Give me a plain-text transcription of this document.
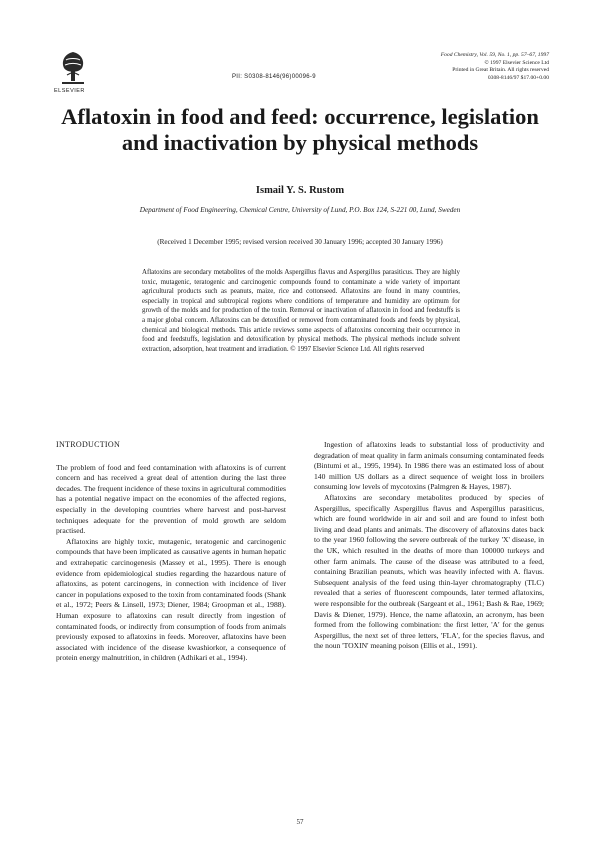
ELSEVIER
PII: S0308-8146(96)00096-9
Food Chemistry, Vol. 59, No. 1, pp. 57–67, 1997
© 1997 Elsevier Science Ltd
Printed in Great Britain. All rights reserved
0308-8146/97 $17.00+0.00
Aflatoxin in food and feed: occurrence, legislation and inactivation by physical methods
Ismail Y. S. Rustom
Department of Food Engineering, Chemical Centre, University of Lund, P.O. Box 124, S-221 00, Lund, Sweden
(Received 1 December 1995; revised version received 30 January 1996; accepted 30 January 1996)
Aflatoxins are secondary metabolites of the molds Aspergillus flavus and Aspergillus parasiticus. They are highly toxic, mutagenic, teratogenic and carcinogenic compounds found to contaminate a wide variety of important agricultural products such as peanuts, maize, rice and cottonseed. Aflatoxins are found in many countries, especially in tropical and subtropical regions where conditions of temperature and humidity are optimum for growth of the molds and for production of the toxin. Removal or inactivation of aflatoxin in food and feedstuffs is a major global concern. Aflatoxins can be detoxified or removed from contaminated foods and feeds by physical, chemical and biological methods. This article reviews some aspects of aflatoxins concerning their occurrence in food and feedstuffs, legislation and detoxification by physical methods. The physical methods include solvent extraction, adsorption, heat treatment and irradiation. © 1997 Elsevier Science Ltd. All rights reserved
INTRODUCTION

The problem of food and feed contamination with aflatoxins is of current concern and has received a great deal of attention during the last three decades. The frequent incidence of these toxins in agricultural commodities has a potential negative impact on the economies of the affected regions, especially in the developing countries where harvest and post-harvest techniques adequate for the prevention of mold growth are seldom practised.

Aflatoxins are highly toxic, mutagenic, teratogenic and carcinogenic compounds that have been implicated as causative agents in human hepatic and extrahepatic carcinogenesis (Massey et al., 1995). There is enough evidence from epidemiological studies regarding the hazardous nature of aflatoxins, as potent carcinogens, in connection with incidence of liver cancer in populations exposed to the toxin from contaminated foods (Shank et al., 1972; Peers & Linsell, 1973; Diener, 1984; Groopman et al., 1988). Human exposure to aflatoxins can result directly from ingestion of contaminated foods, or indirectly from consumption of foods from animals previously exposed to aflatoxins in feeds. Moreover, aflatoxins have been associated with incidence of the disease kwashiorkor, a consequence of protein energy malnutrition, in children (Adhikari et al., 1994).

Ingestion of aflatoxins leads to substantial loss of productivity and degradation of meat quality in farm animals consuming contaminated feeds (Bintumi et al., 1995, 1994). In 1986 there was an estimated loss of about 140 million US dollars as a direct sequence of weight loss in broilers consuming low levels of mycotoxins (Palmgren & Hayes, 1987).

Aflatoxins are secondary metabolites produced by species of Aspergillus, specifically Aspergillus flavus and Aspergillus parasiticus, which are found worldwide in air and soil and are found to infest both living and dead plants and animals. The discovery of aflatoxins dates back to the year 1960 following the severe outbreak of the turkey 'X' disease, in the UK, which resulted in the deaths of more than 100000 turkeys and other farm animals. The cause of the disease was attributed to a feed, containing Brazilian peanuts, which was heavily infected with A. flavus. Subsequent analysis of the feed using thin-layer chromatography (TLC) revealed that a series of fluorescent compounds, later termed aflatoxins, were responsible for the outbreak (Sargeant et al., 1961; Bash & Rae, 1969; Davis & Diener, 1979). Hence, the name aflatoxin, an acronym, has been formed from the following combination: the first letter, 'A' for the genus Aspergillus, the next set of three letters, 'FLA', for the species flavus, and the noun 'TOXIN' meaning poison (Ellis et al., 1991).

57
